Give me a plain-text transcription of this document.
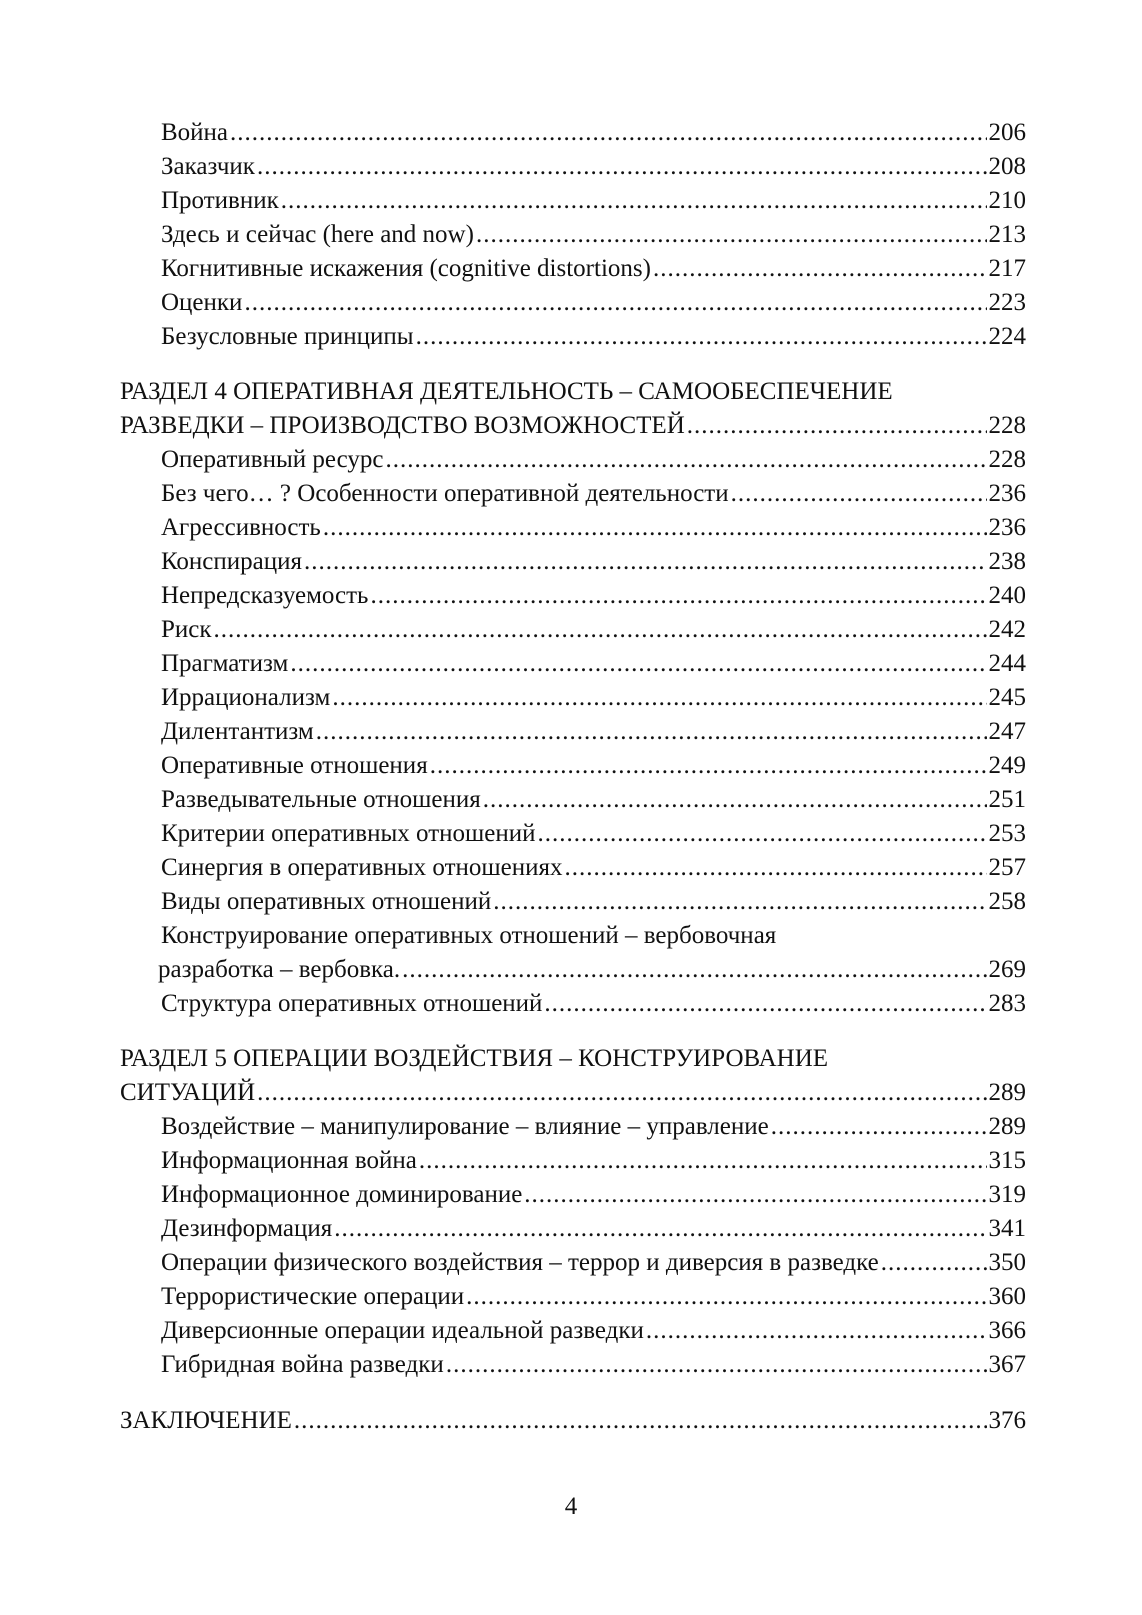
Война .....	206
Заказчик .....	208
Противник .....	210
Здесь и сейчас (here and now) .....	213
Когнитивные искажения (cognitive distortions) .....	217
Оценки .....	223
Безусловные принципы .....	224
РАЗДЕЛ 4 ОПЕРАТИВНАЯ ДЕЯТЕЛЬНОСТЬ – САМООБЕСПЕЧЕНИЕ
РАЗВЕДКИ – ПРОИЗВОДСТВО ВОЗМОЖНОСТЕЙ .....	228
Оперативный ресурс .....	228
Без чего… ? Особенности оперативной деятельности .....	236
Агрессивность .....	236
Конспирация .....	238
Непредсказуемость .....	240
Риск .....	242
Прагматизм .....	244
Иррационализм .....	245
Дилентантизм .....	247
Оперативные отношения .....	249
Разведывательные отношения .....	251
Критерии оперативных отношений .....	253
Синергия в оперативных отношениях .....	257
Виды оперативных отношений .....	258
Конструирование оперативных отношений – вербовочная
разработка – вербовка. .....	269
Структура оперативных отношений .....	283
РАЗДЕЛ 5 ОПЕРАЦИИ ВОЗДЕЙСТВИЯ – КОНСТРУИРОВАНИЕ
СИТУАЦИЙ .....	289
Воздействие – манипулирование – влияние – управление .....	289
Информационная война .....	315
Информационное доминирование .....	319
Дезинформация .....	341
Операции физического воздействия – террор и диверсия в разведке .....	350
Террористические операции .....	360
Диверсионные операции идеальной разведки .....	366
Гибридная война разведки .....	367
ЗАКЛЮЧЕНИЕ .....	376
4
